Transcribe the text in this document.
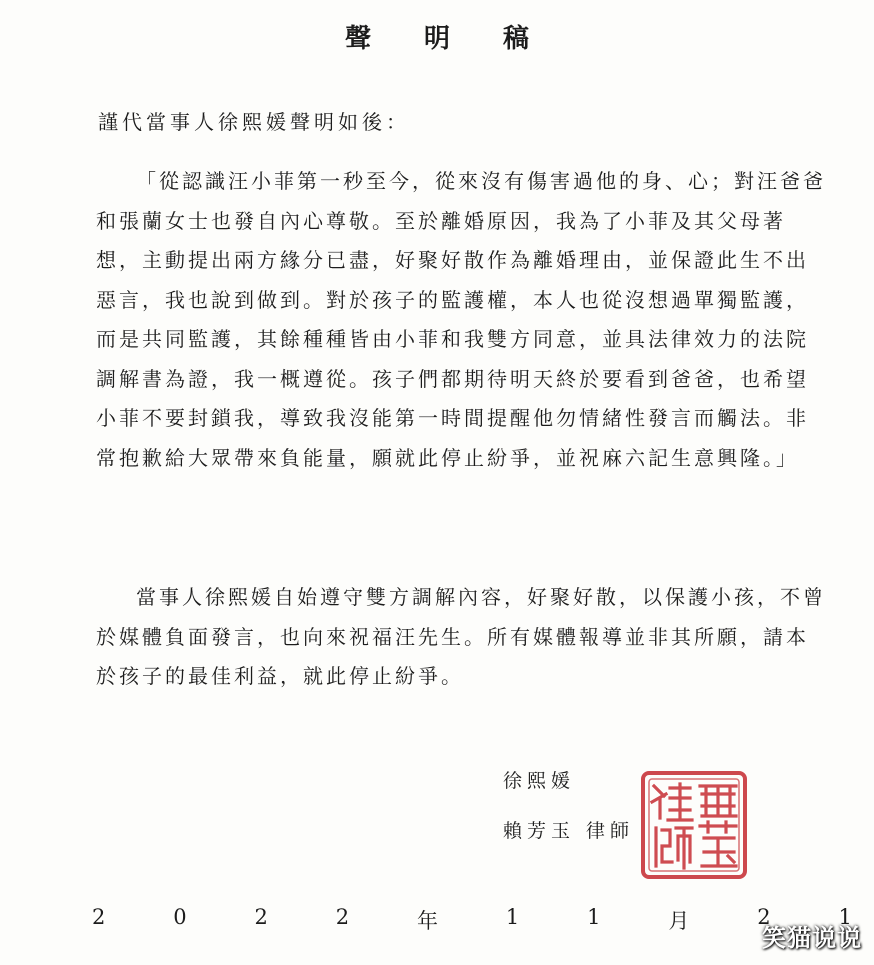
聲 明 稿
謹代當事人徐熙媛聲明如後：

「從認識汪小菲第一秒至今，從來沒有傷害過他的身、心；對汪爸爸和張蘭女士也發自內心尊敬。至於離婚原因，我為了小菲及其父母著想，主動提出兩方緣分已盡，好聚好散作為離婚理由，並保證此生不出惡言，我也說到做到。對於孩子的監護權，本人也從沒想過單獨監護，而是共同監護，其餘種種皆由小菲和我雙方同意，並具法律效力的法院調解書為證，我一概遵從。孩子們都期待明天終於要看到爸爸，也希望小菲不要封鎖我，導致我沒能第一時間提醒他勿情緒性發言而觸法。非常抱歉給大眾帶來負能量，願就此停止紛爭，並祝麻六記生意興隆。」

當事人徐熙媛自始遵守雙方調解內容，好聚好散，以保護小孩，不曾於媒體負面發言，也向來祝福汪先生。所有媒體報導並非其所願，請本於孩子的最佳利益，就此停止紛爭。

徐熙媛
賴芳玉 律師
2	0	2	2	年	1	1	月	2	1
笑猫说说
